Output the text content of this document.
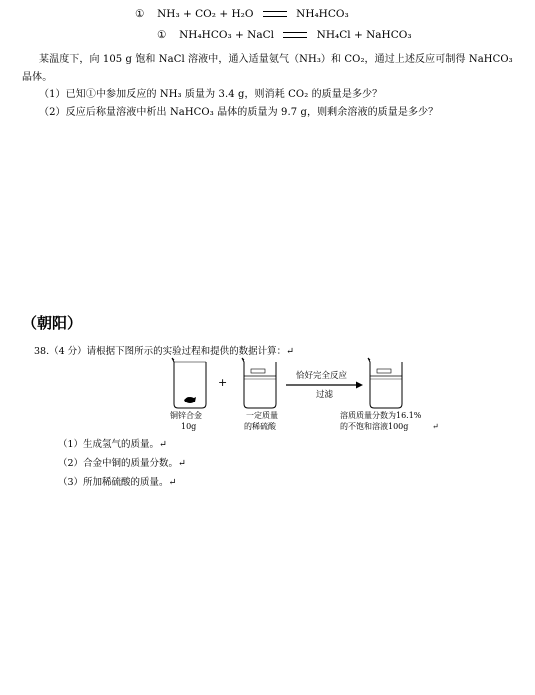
① NH₃ + CO₂ + H₂O	NH₄HCO₃
① NH₄HCO₃ + NaCl	NH₄Cl + NaHCO₃
某温度下，向 105 g 饱和 NaCl 溶液中，通入适量氨气（NH₃）和 CO₂，通过上述反应可制得 NaHCO₃
晶体。
（1）已知①中参加反应的 NH₃ 质量为 3.4 g，则消耗 CO₂ 的质量是多少？
（2）反应后称量溶液中析出 NaHCO₃ 晶体的质量为 9.7 g，则剩余溶液的质量是多少？
（朝阳）
38.（4 分）请根据下图所示的实验过程和提供的数据计算：↵
+	恰好完全反应
过滤
铜锌合金
10g
一定质量
的稀硫酸
溶质质量分数为16.1%
的不饱和溶液100g	↵
（1）生成氢气的质量。↵
（2）合金中铜的质量分数。↵
（3）所加稀硫酸的质量。↵
